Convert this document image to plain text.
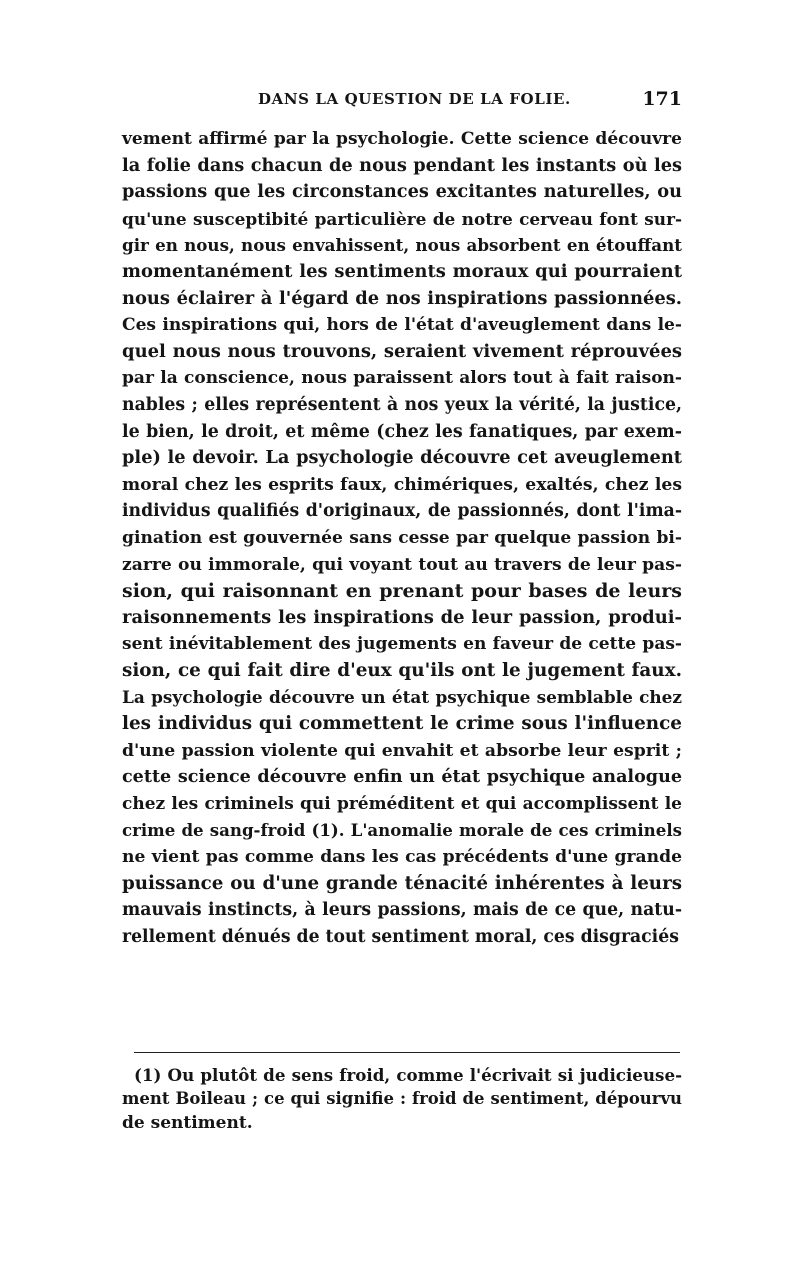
DANS LA QUESTION DE LA FOLIE.	171
vement affirmé par la psychologie. Cette science découvre
la folie dans chacun de nous pendant les instants où les
passions que les circonstances excitantes naturelles, ou
qu'une susceptibité particulière de notre cerveau font sur-
gir en nous, nous envahissent, nous absorbent en étouffant
momentanément les sentiments moraux qui pourraient
nous éclairer à l'égard de nos inspirations passionnées.
Ces inspirations qui, hors de l'état d'aveuglement dans le-
quel nous nous trouvons, seraient vivement réprouvées
par la conscience, nous paraissent alors tout à fait raison-
nables ; elles représentent à nos yeux la vérité, la justice,
le bien, le droit, et même (chez les fanatiques, par exem-
ple) le devoir. La psychologie découvre cet aveuglement
moral chez les esprits faux, chimériques, exaltés, chez les
individus qualifiés d'originaux, de passionnés, dont l'ima-
gination est gouvernée sans cesse par quelque passion bi-
zarre ou immorale, qui voyant tout au travers de leur pas-
sion, qui raisonnant en prenant pour bases de leurs
raisonnements les inspirations de leur passion, produi-
sent inévitablement des jugements en faveur de cette pas-
sion, ce qui fait dire d'eux qu'ils ont le jugement faux.
La psychologie découvre un état psychique semblable chez
les individus qui commettent le crime sous l'influence
d'une passion violente qui envahit et absorbe leur esprit ;
cette science découvre enfin un état psychique analogue
chez les criminels qui préméditent et qui accomplissent le
crime de sang-froid (1). L'anomalie morale de ces criminels
ne vient pas comme dans les cas précédents d'une grande
puissance ou d'une grande ténacité inhérentes à leurs
mauvais instincts, à leurs passions, mais de ce que, natu-
rellement dénués de tout sentiment moral, ces disgraciés
(1) Ou plutôt de sens froid, comme l'écrivait si judicieuse-
ment Boileau ; ce qui signifie : froid de sentiment, dépourvu
de sentiment.
